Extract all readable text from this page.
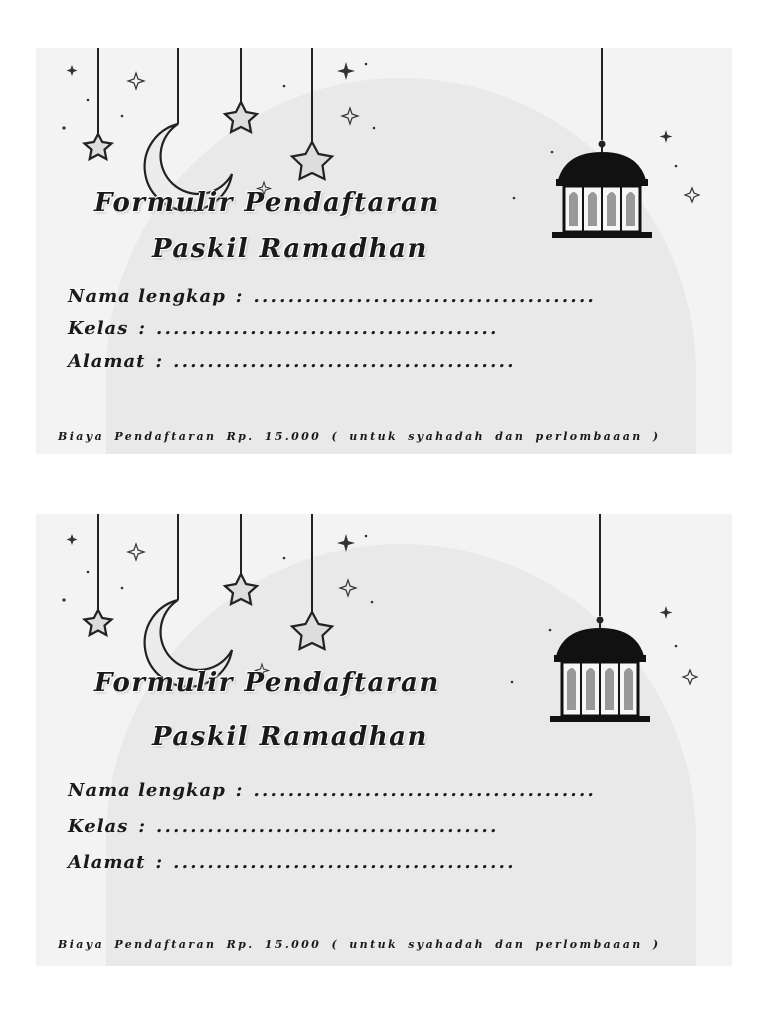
Formulir Pendaftaran
Paskil Ramadhan
Nama lengkap : ........................................
Kelas : ........................................
Alamat : ........................................
Biaya Pendaftaran Rp. 15.000 ( untuk syahadah dan perlombaaan )
Formulir Pendaftaran
Paskil Ramadhan
Nama lengkap : ........................................
Kelas : ........................................
Alamat : ........................................
Biaya Pendaftaran Rp. 15.000 ( untuk syahadah dan perlombaaan )
